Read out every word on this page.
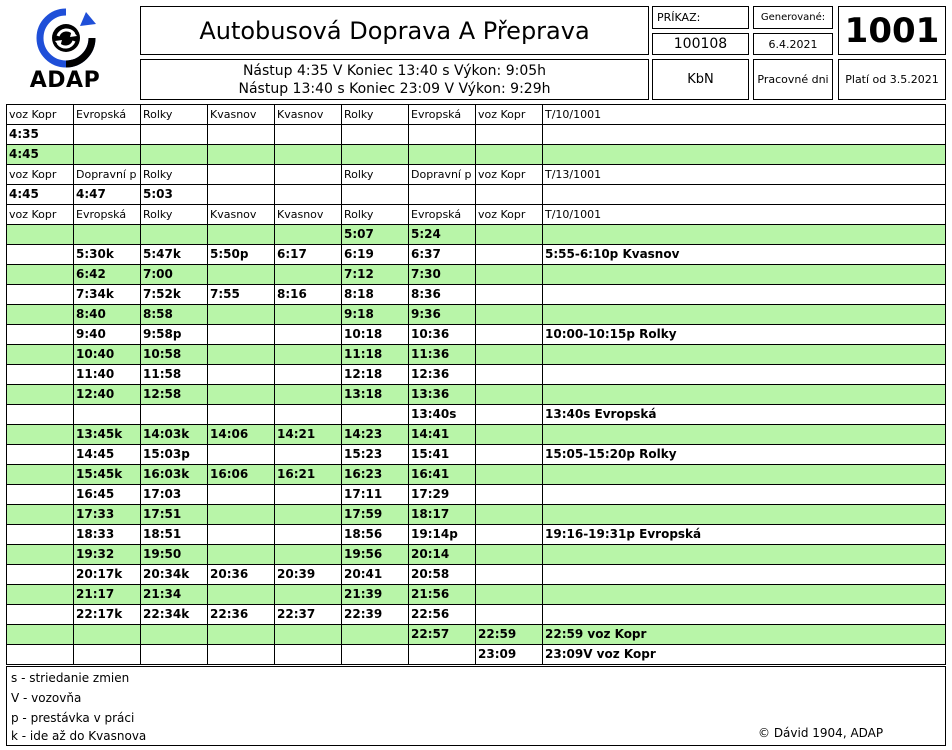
ADAP
Autobusová Doprava A Přeprava
Nástup 4:35 V Koniec 13:40 s Výkon: 9:05h
Nástup 13:40 s Koniec 23:09 V Výkon: 9:29h
PRÍKAZ:
100108
Generované:
6.4.2021 1001
KbN	Pracovné dni	Platí od 3.5.2021
voz Kopr	Evropská	Rolky	Kvasnov	Kvasnov	Rolky	Evropská	voz Kopr	T/10/1001
4:35								
4:45								
voz Kopr	Dopravní p	Rolky			Rolky	Dopravní p	voz Kopr	T/13/1001
4:45	4:47	5:03						
voz Kopr	Evropská	Rolky	Kvasnov	Kvasnov	Rolky	Evropská	voz Kopr	T/10/1001
					5:07	5:24		
	5:30k	5:47k	5:50p	6:17	6:19	6:37		5:55-6:10p Kvasnov
	6:42	7:00			7:12	7:30		
	7:34k	7:52k	7:55	8:16	8:18	8:36		
	8:40	8:58			9:18	9:36		
	9:40	9:58p			10:18	10:36		10:00-10:15p Rolky
	10:40	10:58			11:18	11:36		
	11:40	11:58			12:18	12:36		
	12:40	12:58			13:18	13:36		
						13:40s		13:40s Evropská
	13:45k	14:03k	14:06	14:21	14:23	14:41		
	14:45	15:03p			15:23	15:41		15:05-15:20p Rolky
	15:45k	16:03k	16:06	16:21	16:23	16:41		
	16:45	17:03			17:11	17:29		
	17:33	17:51			17:59	18:17		
	18:33	18:51			18:56	19:14p		19:16-19:31p Evropská
	19:32	19:50			19:56	20:14		
	20:17k	20:34k	20:36	20:39	20:41	20:58		
	21:17	21:34			21:39	21:56		
	22:17k	22:34k	22:36	22:37	22:39	22:56		
						22:57	22:59	22:59 voz Kopr
							23:09	23:09V voz Kopr
s - striedanie zmien
V - vozovňa
p - prestávka v práci
k - ide až do Kvasnova	© Dávid 1904, ADAP
